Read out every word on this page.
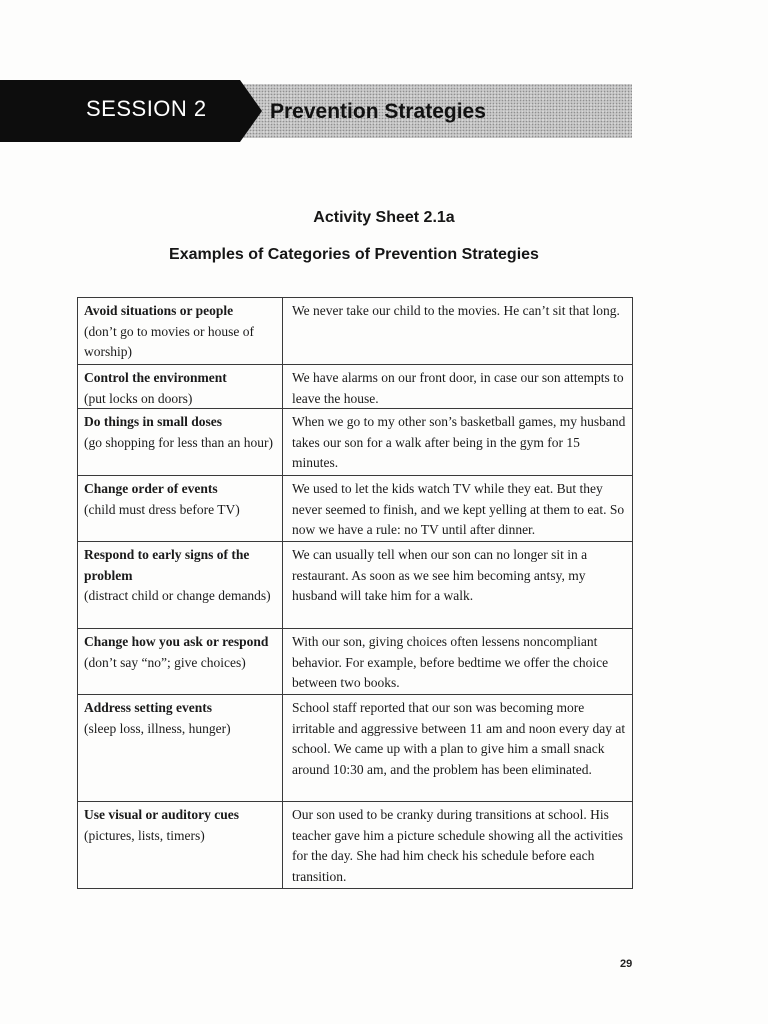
SESSION 2	Prevention Strategies
Activity Sheet 2.1a
Examples of Categories of Prevention Strategies
Avoid situations or people
(don’t go to movies or house of worship)
We never take our child to the movies. He can’t sit that long.
Control the environment
(put locks on doors)
We have alarms on our front door, in case our son attempts to leave the house.
Do things in small doses
(go shopping for less than an hour)
When we go to my other son’s basketball games, my husband takes our son for a walk after being in the gym for 15 minutes.
Change order of events
(child must dress before TV)
We used to let the kids watch TV while they eat. But they never seemed to finish, and we kept yelling at them to eat. So now we have a rule: no TV until after dinner.
Respond to early signs of the problem
(distract child or change demands)
We can usually tell when our son can no longer sit in a restaurant. As soon as we see him becoming antsy, my husband will take him for a walk.
Change how you ask or respond
(don’t say “no”; give choices)
With our son, giving choices often lessens noncompliant behavior. For example, before bedtime we offer the choice between two books.
Address setting events
(sleep loss, illness, hunger)
School staff reported that our son was becoming more irritable and aggressive between 11 am and noon every day at school. We came up with a plan to give him a small snack around 10:30 am, and the problem has been eliminated.
Use visual or auditory cues
(pictures, lists, timers)
Our son used to be cranky during transitions at school. His teacher gave him a picture schedule showing all the activities for the day. She had him check his schedule before each transition.
29
